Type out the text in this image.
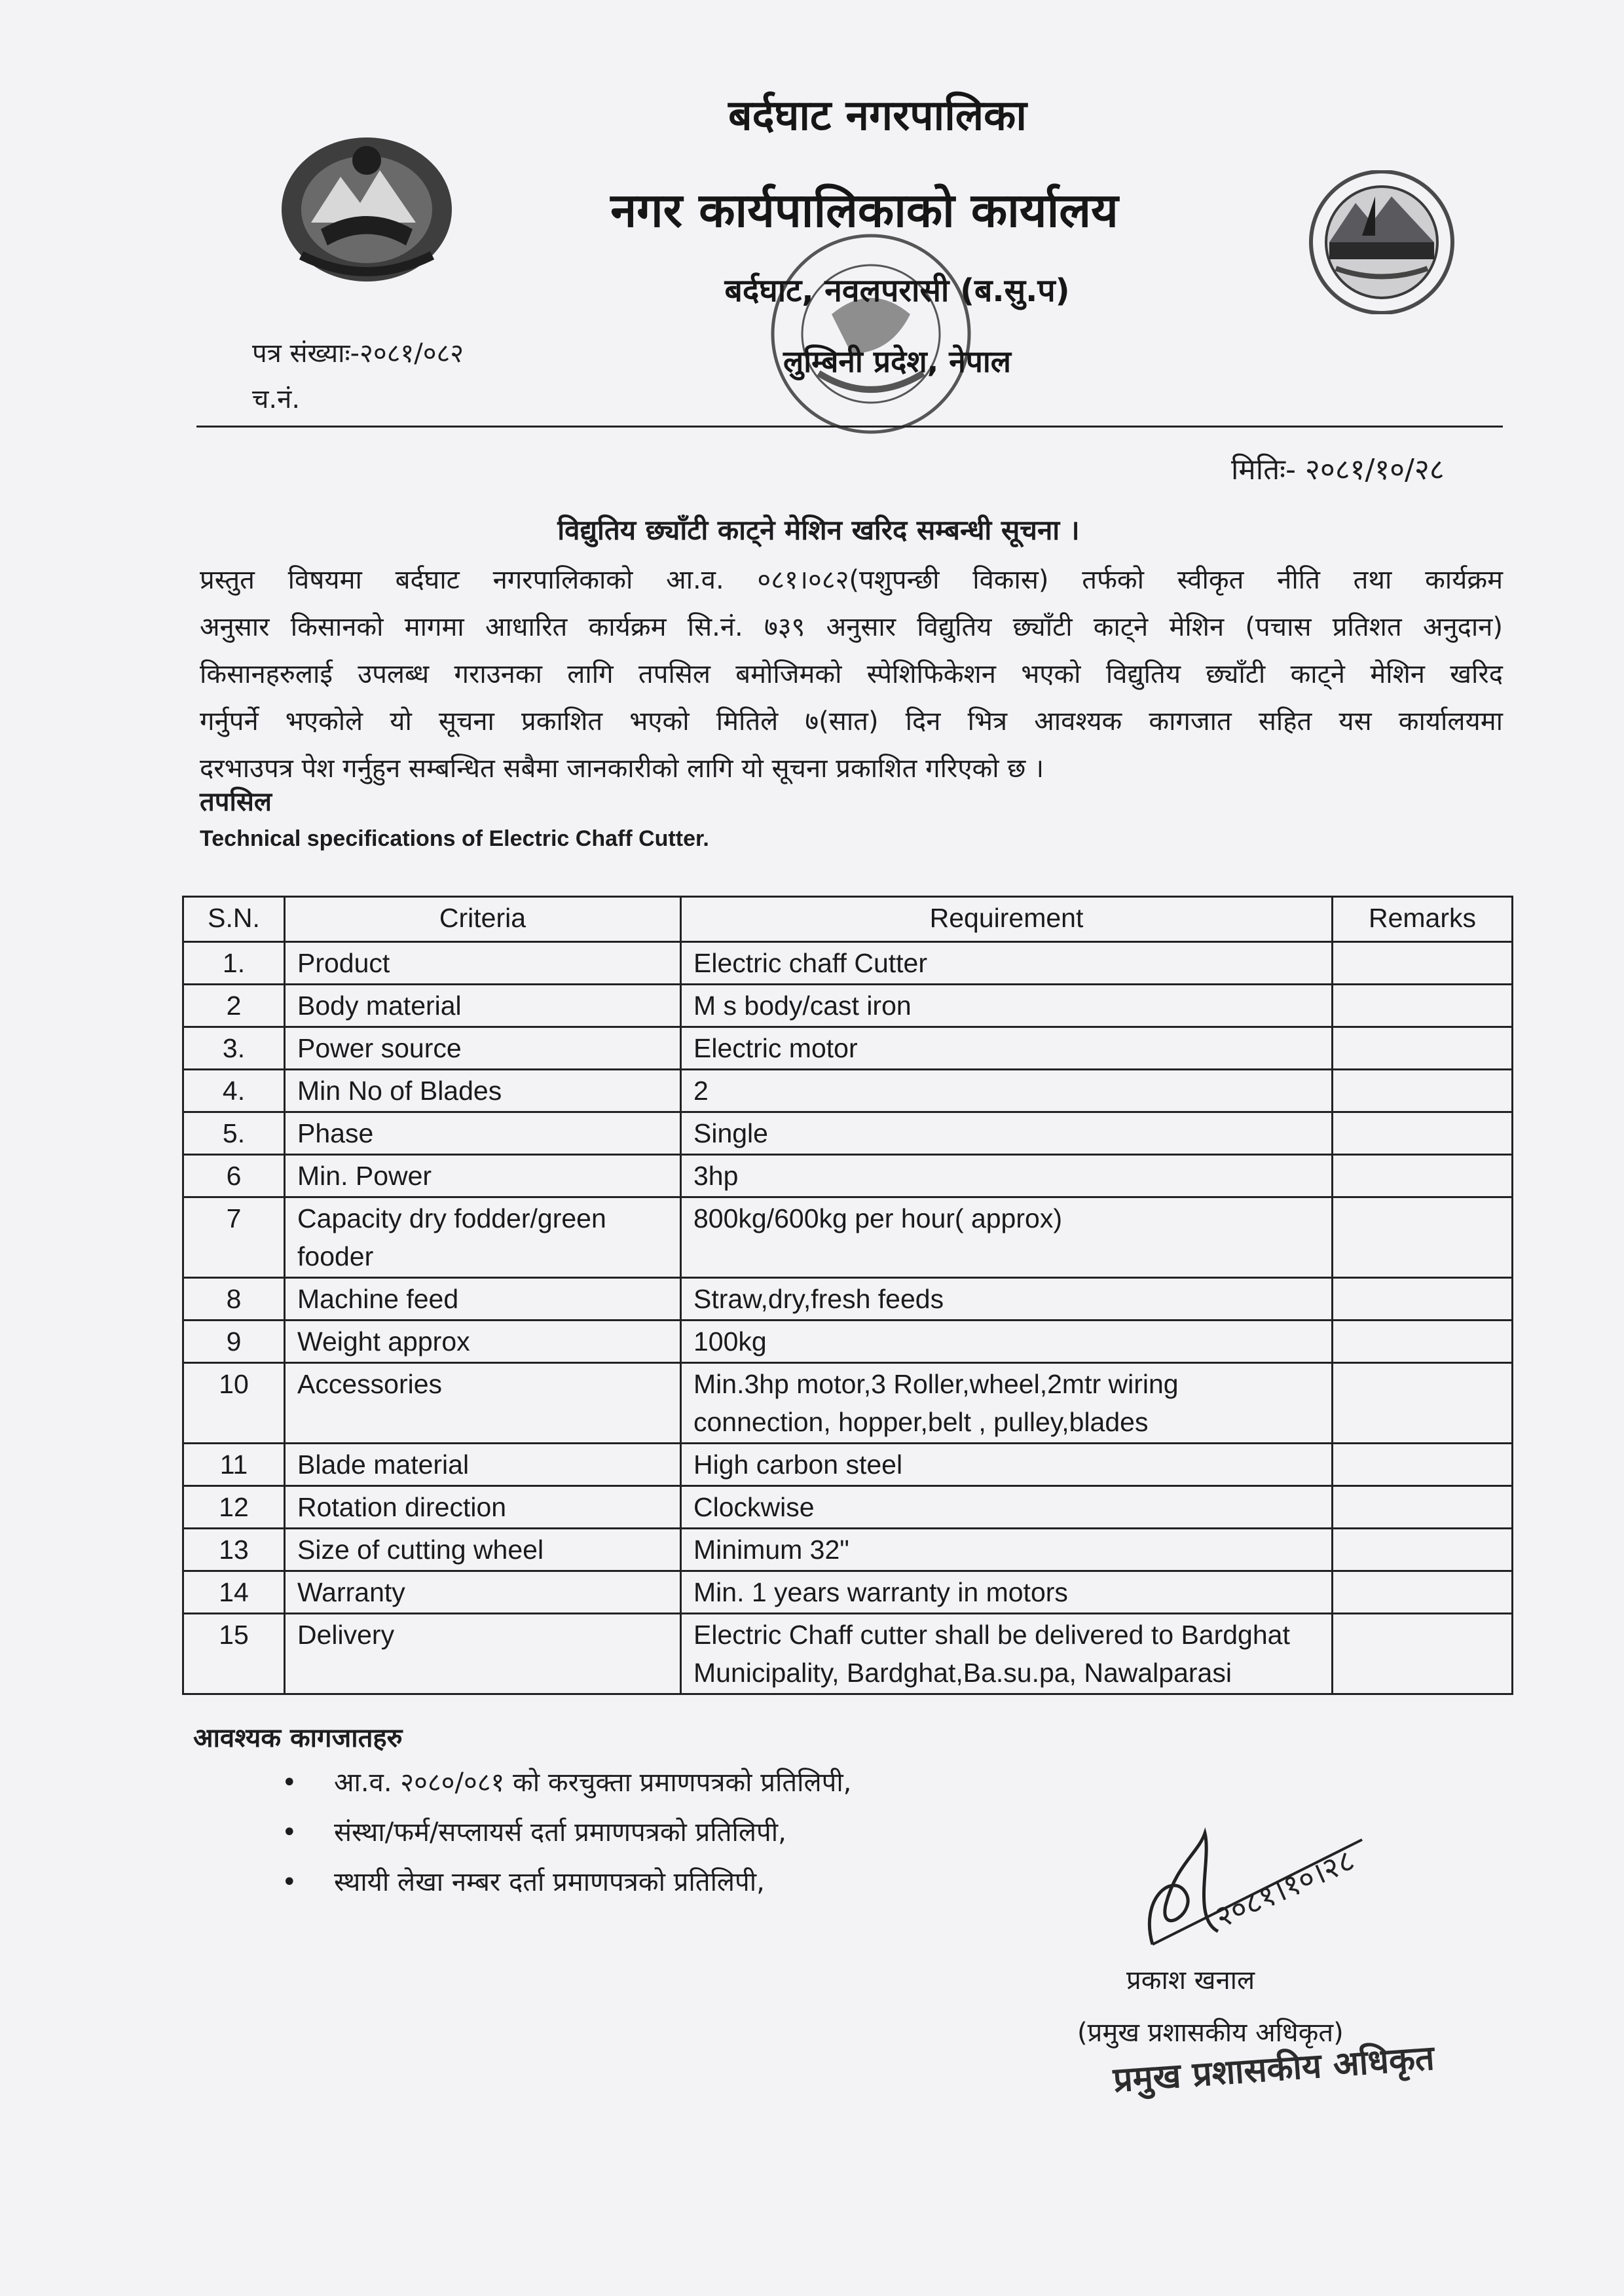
बर्दघाट नगरपालिका
नगर कार्यपालिकाको कार्यालय
बर्दघाट, नवलपरासी (ब.सु.प)
लुम्बिनी प्रदेश, नेपाल
पत्र संख्याः-२०८१/०८२
च.नं.
मितिः- २०८१/१०/२८
विद्युतिय छ्याँटी काट्ने मेशिन खरिद सम्बन्धी सूचना ।
प्रस्तुत विषयमा बर्दघाट नगरपालिकाको आ.व. ०८१।०८२(पशुपन्छी विकास) तर्फको स्वीकृत नीति तथा कार्यक्रम
अनुसार किसानको मागमा आधारित कार्यक्रम सि.नं. ७३९ अनुसार विद्युतिय छ्याँटी काट्ने मेशिन (पचास प्रतिशत अनुदान)
किसानहरुलाई उपलब्ध गराउनका लागि तपसिल बमोजिमको स्पेशिफिकेशन भएको विद्युतिय छ्याँटी काट्ने मेशिन खरिद
गर्नुपर्ने भएकोले यो सूचना प्रकाशित भएको मितिले ७(सात) दिन भित्र आवश्यक कागजात सहित यस कार्यालयमा
दरभाउपत्र पेश गर्नुहुन सम्बन्धित सबैमा जानकारीको लागि यो सूचना प्रकाशित गरिएको छ ।
तपसिल
Technical specifications of Electric Chaff Cutter.
S.N.	Criteria	Requirement	Remarks
1.	Product	Electric chaff Cutter	
2	Body material	M s body/cast iron	
3.	Power source	Electric motor	
4.	Min No of Blades	2	
5.	Phase	Single	
6	Min. Power	3hp	
7	Capacity dry fodder/green fooder	800kg/600kg per hour( approx)	
8	Machine feed	Straw,dry,fresh feeds	
9	Weight approx	100kg	
10	Accessories	Min.3hp motor,3 Roller,wheel,2mtr wiring connection, hopper,belt , pulley,blades	
11	Blade material	High carbon steel	
12	Rotation direction	Clockwise	
13	Size of cutting wheel	Minimum 32"	
14	Warranty	Min. 1 years warranty in motors	
15	Delivery	Electric Chaff cutter shall be delivered to Bardghat Municipality, Bardghat,Ba.su.pa, Nawalparasi	
आवश्यक कागजातहरु
• आ.व. २०८०/०८१ को करचुक्ता प्रमाणपत्रको प्रतिलिपी,
• संस्था/फर्म/सप्लायर्स दर्ता प्रमाणपत्रको प्रतिलिपी,
• स्थायी लेखा नम्बर दर्ता प्रमाणपत्रको प्रतिलिपी,	२०८१।१०।२८
प्रकाश खनाल
(प्रमुख प्रशासकीय अधिकृत)
प्रमुख प्रशासकीय अधिकृत
